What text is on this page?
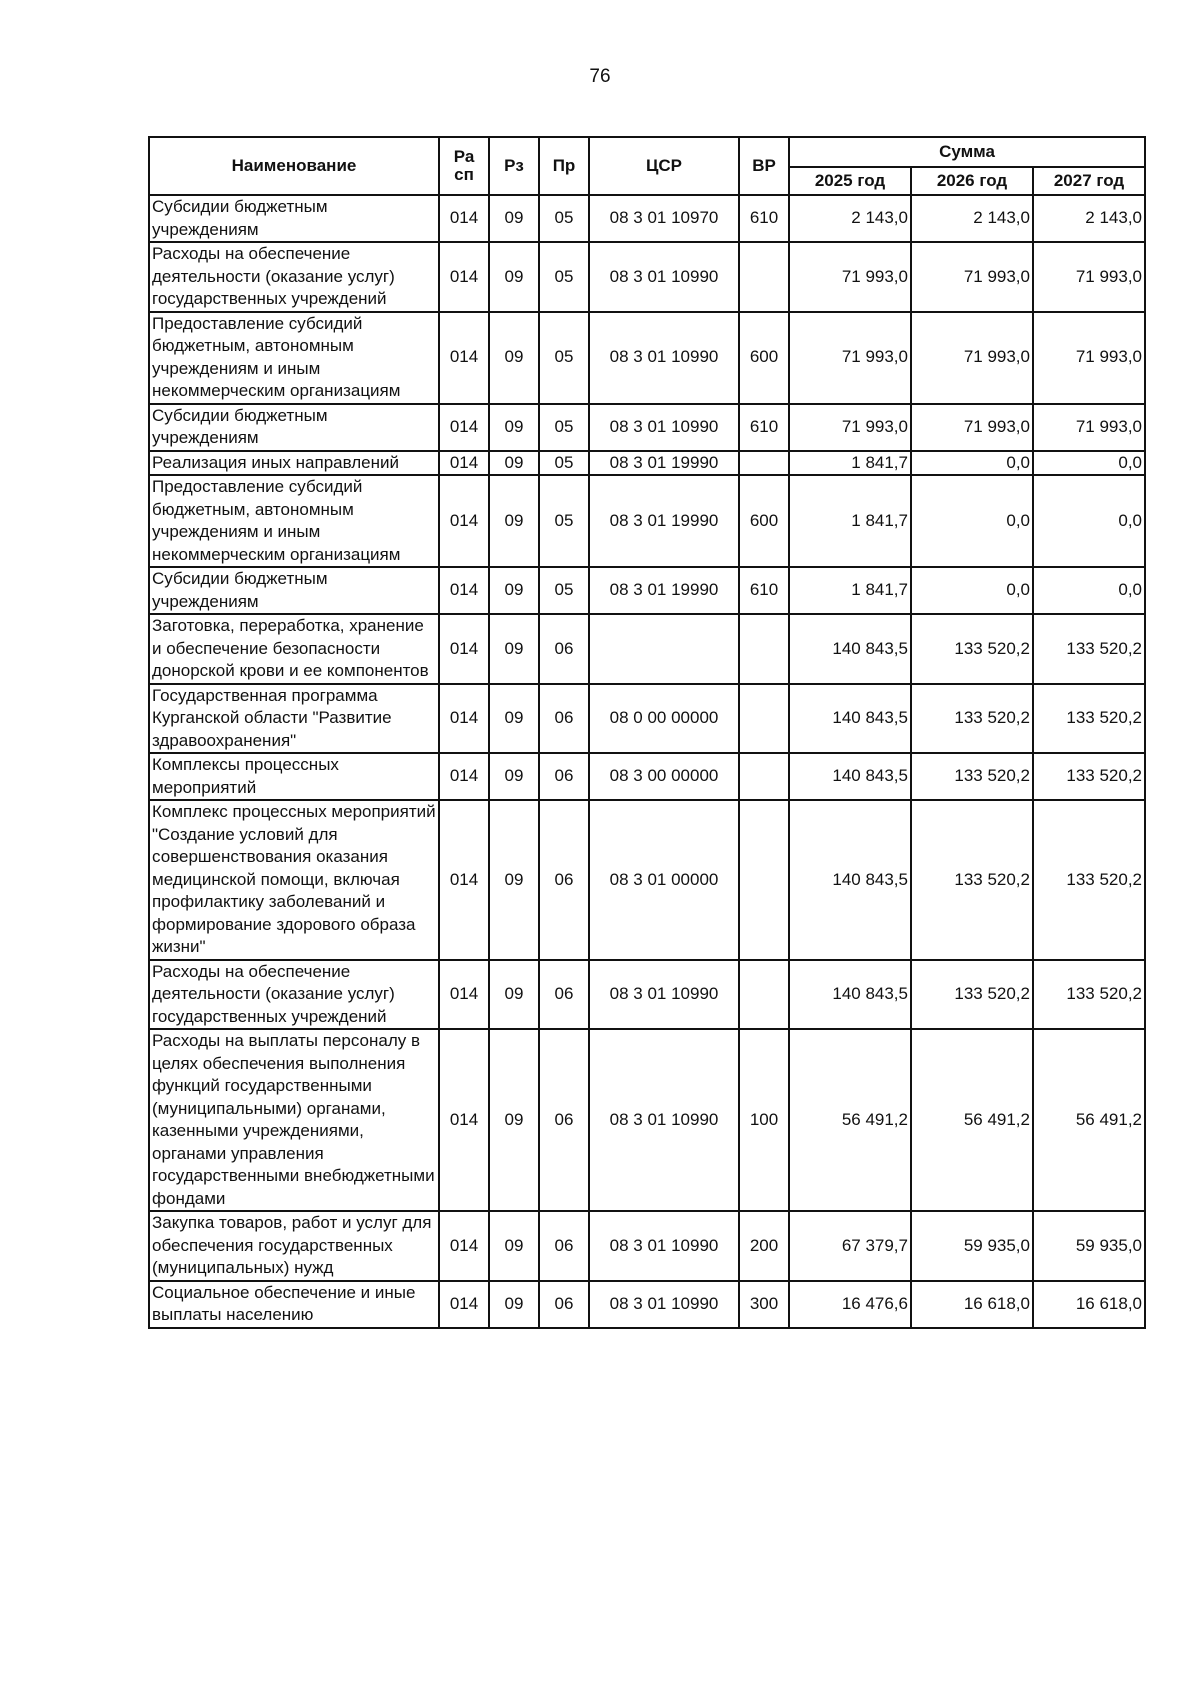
76
Наименование	Ра сп	Рз	Пр	ЦСР	ВР	Сумма		
						2025 год	2026 год	2027 год
Субсидии бюджетным учреждениям	014	09	05	08 3 01 10970	610	2 143,0	2 143,0	2 143,0
Расходы на обеспечение деятельности (оказание услуг) государственных учреждений	014	09	05	08 3 01 10990		71 993,0	71 993,0	71 993,0
Предоставление субсидий бюджетным, автономным учреждениям и иным некоммерческим организациям	014	09	05	08 3 01 10990	600	71 993,0	71 993,0	71 993,0
Субсидии бюджетным учреждениям	014	09	05	08 3 01 10990	610	71 993,0	71 993,0	71 993,0
Реализация иных направлений	014	09	05	08 3 01 19990		1 841,7	0,0	0,0
Предоставление субсидий бюджетным, автономным учреждениям и иным некоммерческим организациям	014	09	05	08 3 01 19990	600	1 841,7	0,0	0,0
Субсидии бюджетным учреждениям	014	09	05	08 3 01 19990	610	1 841,7	0,0	0,0
Заготовка, переработка, хранение и обеспечение безопасности донорской крови и ее компонентов	014	09	06			140 843,5	133 520,2	133 520,2
Государственная программа Курганской области "Развитие здравоохранения"	014	09	06	08 0 00 00000		140 843,5	133 520,2	133 520,2
Комплексы процессных мероприятий	014	09	06	08 3 00 00000		140 843,5	133 520,2	133 520,2
Комплекс процессных мероприятий "Создание условий для совершенствования оказания медицинской помощи, включая профилактику заболеваний и формирование здорового образа жизни"	014	09	06	08 3 01 00000		140 843,5	133 520,2	133 520,2
Расходы на обеспечение деятельности (оказание услуг) государственных учреждений	014	09	06	08 3 01 10990		140 843,5	133 520,2	133 520,2
Расходы на выплаты персоналу в целях обеспечения выполнения функций государственными (муниципальными) органами, казенными учреждениями, органами управления государственными внебюджетными фондами	014	09	06	08 3 01 10990	100	56 491,2	56 491,2	56 491,2
Закупка товаров, работ и услуг для обеспечения государственных (муниципальных) нужд	014	09	06	08 3 01 10990	200	67 379,7	59 935,0	59 935,0
Социальное обеспечение и иные выплаты населению	014	09	06	08 3 01 10990	300	16 476,6	16 618,0	16 618,0
